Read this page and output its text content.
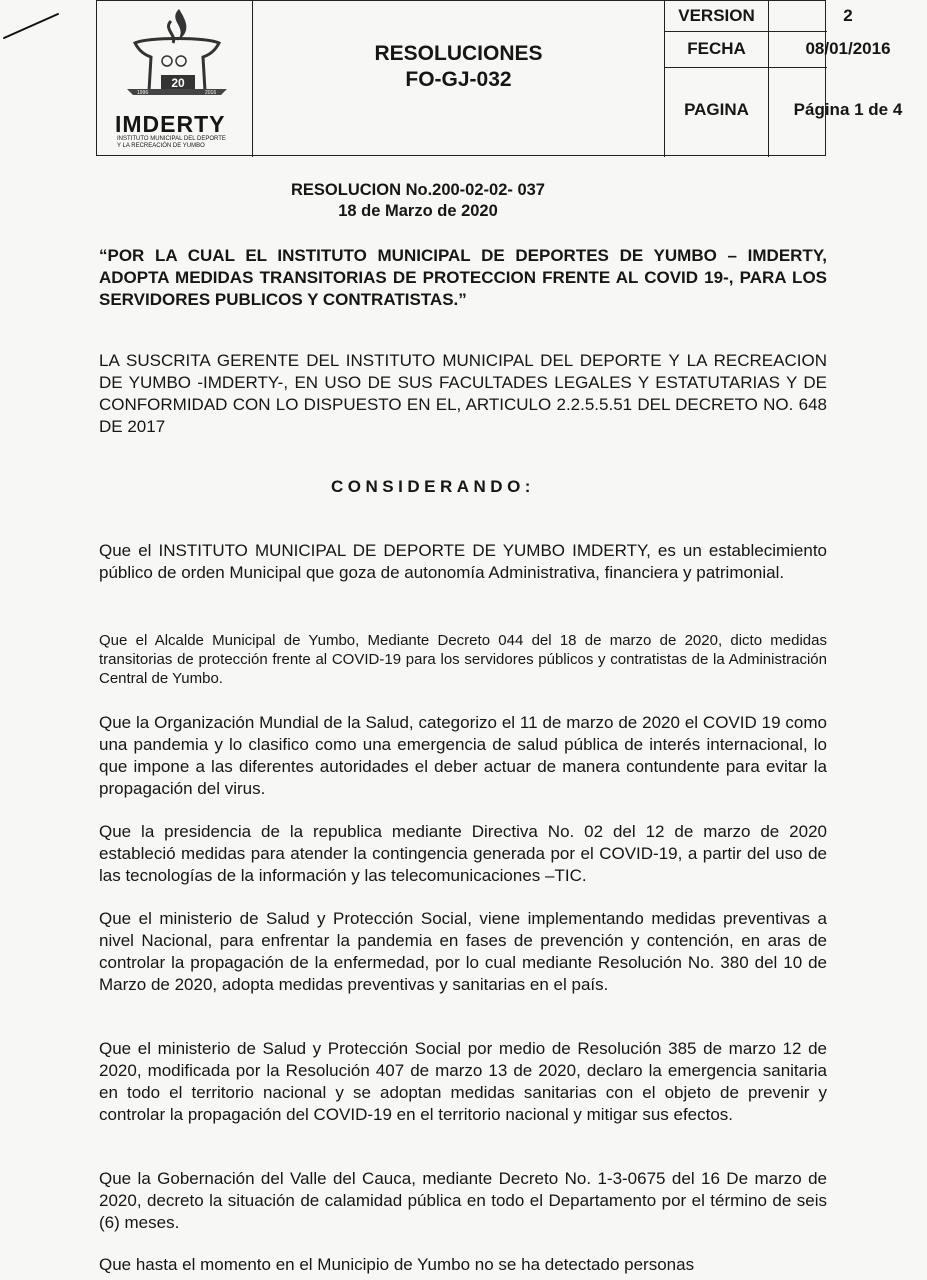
20
1996	2016
IMDERTY
INSTITUTO MUNICIPAL DEL DEPORTE
Y LA RECREACIÓN DE YUMBO
RESOLUCIONES
FO-GJ-032
VERSION	2
FECHA	08/01/2016
PAGINA	Página 1 de 4
RESOLUCION No.200-02-02- 037
18 de Marzo de 2020
“POR LA CUAL EL INSTITUTO MUNICIPAL DE DEPORTES DE YUMBO – IMDERTY, ADOPTA MEDIDAS TRANSITORIAS DE PROTECCION FRENTE AL COVID 19-, PARA LOS SERVIDORES PUBLICOS Y CONTRATISTAS.”
LA SUSCRITA GERENTE DEL INSTITUTO MUNICIPAL DEL DEPORTE Y LA RECREACION DE YUMBO -IMDERTY-, EN USO DE SUS FACULTADES LEGALES Y ESTATUTARIAS Y DE CONFORMIDAD CON LO DISPUESTO EN EL, ARTICULO 2.2.5.5.51 DEL DECRETO NO. 648 DE 2017
CONSIDERANDO:
Que el INSTITUTO MUNICIPAL DE DEPORTE DE YUMBO IMDERTY, es un establecimiento público de orden Municipal que goza de autonomía Administrativa, financiera y patrimonial.
Que el Alcalde Municipal de Yumbo, Mediante Decreto 044 del 18 de marzo de 2020, dicto medidas transitorias de protección frente al COVID-19 para los servidores públicos y contratistas de la Administración Central de Yumbo.
Que la Organización Mundial de la Salud, categorizo el 11 de marzo de 2020 el COVID 19 como una pandemia y lo clasifico como una emergencia de salud pública de interés internacional, lo que impone a las diferentes autoridades el deber actuar de manera contundente para evitar la propagación del virus.
Que la presidencia de la republica mediante Directiva No. 02 del 12 de marzo de 2020 estableció medidas para atender la contingencia generada por el COVID-19, a partir del uso de las tecnologías de la información y las telecomunicaciones –TIC.
Que el ministerio de Salud y Protección Social, viene implementando medidas preventivas a nivel Nacional, para enfrentar la pandemia en fases de prevención y contención, en aras de controlar la propagación de la enfermedad, por lo cual mediante Resolución No. 380 del 10 de Marzo de 2020, adopta medidas preventivas y sanitarias en el país.
Que el ministerio de Salud y Protección Social por medio de Resolución 385 de marzo 12 de 2020, modificada por la Resolución 407 de marzo 13 de 2020, declaro la emergencia sanitaria en todo el territorio nacional y se adoptan medidas sanitarias con el objeto de prevenir y controlar la propagación del COVID-19 en el territorio nacional y mitigar sus efectos.
Que la Gobernación del Valle del Cauca, mediante Decreto No. 1-3-0675 del 16 De marzo de 2020, decreto la situación de calamidad pública en todo el Departamento por el término de seis (6) meses.
Que hasta el momento en el Municipio de Yumbo no se ha detectado personas
